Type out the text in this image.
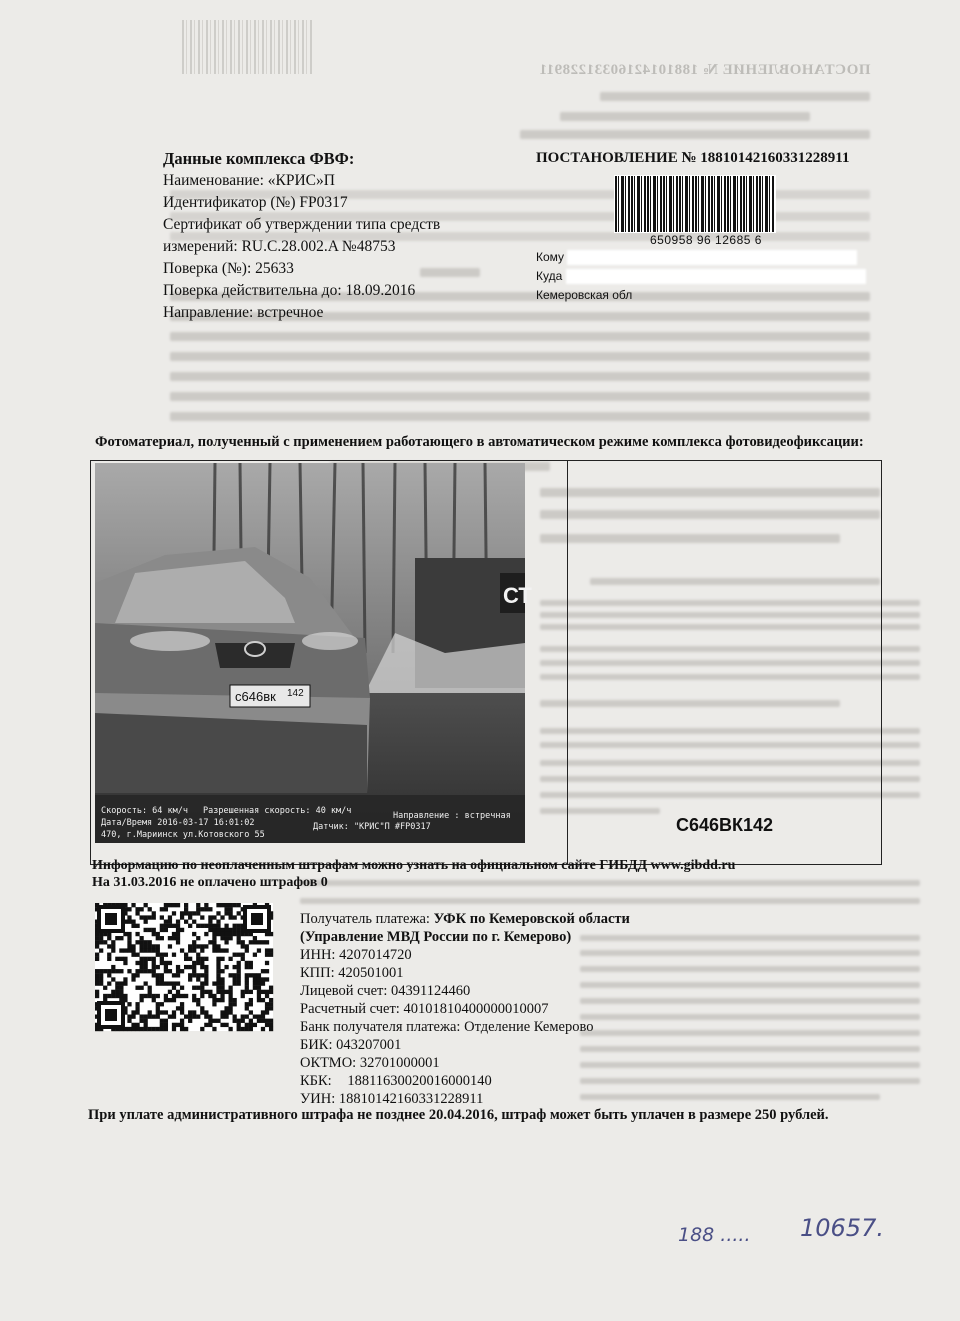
ПОСТАНОВЛЕНИЕ № 18810142160331228911
Данные комплекса ФВФ:
Наименование: «КРИС»П
Идентификатор (№) FP0317
Сертификат об утверждении типа средств
измерений: RU.C.28.002.A №48753
Поверка (№): 25633
Поверка действительна до: 18.09.2016
Направление: встречное
ПОСТАНОВЛЕНИЕ № 18810142160331228911
650958 96 12685 6
Кому
Куда
Кемеровская обл
Фотоматериал, полученный с применением работающего в автоматическом режиме комплекса фотовидеофиксации:
СТ
с646вк 142
Скорость: 64 км/ч Разрешенная скорость: 40 км/ч	Направление : встречная
Дата/Время 2016-03-17 16:01:02	Датчик: "КРИС"П #FP0317
470, г.Мариинск ул.Котовского 55	С646ВК142
Информацию по неоплаченным штрафам можно узнать на официальном сайте ГИБДД www.gibdd.ru
На 31.03.2016 не оплачено штрафов 0
Получатель платежа: УФК по Кемеровской области
(Управление МВД России по г. Кемерово)
ИНН: 4207014720
КПП: 420501001
Лицевой счет: 04391124460
Расчетный счет: 40101810400000010007
Банк получателя платежа: Отделение Кемерово
БИК: 043207001
ОКТМО: 32701000001
КБК: 18811630020016000140
УИН: 18810142160331228911
При уплате административного штрафа не позднее 20.04.2016, штраф может быть уплачен в размере 250 рублей.
188 ..... 10657.
